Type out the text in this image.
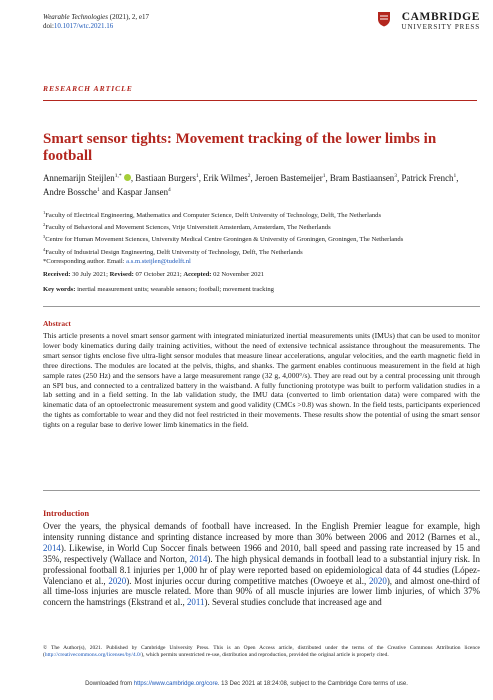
Wearable Technologies (2021), 2, e17
doi:10.1017/wtc.2021.16
CAMBRIDGE
UNIVERSITY PRESS
RESEARCH ARTICLE
Smart sensor tights: Movement tracking of the lower limbs in football
Annemarijn Steijlen$^{1,*}$ , Bastiaan Burgers$^1$, Erik Wilmes$^2$, Jeroen Bastemeijer$^1$, Bram Bastiaansen$^3$, Patrick French$^1$, Andre Bossche$^1$ and Kaspar Jansen$^4$
$^1$Faculty of Electrical Engineering, Mathematics and Computer Science, Delft University of Technology, Delft, The Netherlands
$^2$Faculty of Behavioral and Movement Sciences, Vrije Universiteit Amsterdam, Amsterdam, The Netherlands
$^3$Centre for Human Movement Sciences, University Medical Centre Groningen & University of Groningen, Groningen, The Netherlands
$^4$Faculty of Industrial Design Engineering, Delft University of Technology, Delft, The Netherlands
*Corresponding author. Email: a.s.m.steijlen@tudelft.nl
Received: 30 July 2021; Revised: 07 October 2021; Accepted: 02 November 2021
Key words: inertial measurement units; wearable sensors; football; movement tracking
Abstract
This article presents a novel smart sensor garment with integrated miniaturized inertial measurements units (IMUs) that can be used to monitor lower body kinematics during daily training activities, without the need of extensive technical assistance throughout the measurements. The smart sensor tights enclose five ultra-light sensor modules that measure linear accelerations, angular velocities, and the earth magnetic field in three directions. The modules are located at the pelvis, thighs, and shanks. The garment enables continuous measurement in the field at high sample rates (250 Hz) and the sensors have a large measurement range (32 g, 4,000°/s). They are read out by a central processing unit through an SPI bus, and connected to a centralized battery in the waistband. A fully functioning prototype was built to perform validation studies in a lab setting and in a field setting. In the lab validation study, the IMU data (converted to limb orientation data) were compared with the kinematic data of an optoelectronic measurement system and good validity (CMCs >0.8) was shown. In the field tests, participants experienced the tights as comfortable to wear and they did not feel restricted in their movements. These results show the potential of using the smart sensor tights on a regular base to derive lower limb kinematics in the field.
Introduction
Over the years, the physical demands of football have increased. In the English Premier league for example, high intensity running distance and sprinting distance increased by more than 30% between 2006 and 2012 (Barnes et al., 2014). Likewise, in World Cup Soccer finals between 1966 and 2010, ball speed and passing rate increased by 15 and 35%, respectively (Wallace and Norton, 2014). The high physical demands in football lead to a substantial injury risk. In professional football 8.1 injuries per 1,000 hr of play were reported based on epidemiological data of 44 studies (López-Valenciano et al., 2020). Most injuries occur during competitive matches (Owoeye et al., 2020), and almost one-third of all time-loss injuries are muscle related. More than 90% of all muscle injuries are lower limb injuries, of which 37% concern the hamstrings (Ekstrand et al., 2011). Several studies conclude that increased age and
© The Author(s), 2021. Published by Cambridge University Press. This is an Open Access article, distributed under the terms of the Creative Commons Attribution licence (http://creativecommons.org/licenses/by/4.0/), which permits unrestricted re-use, distribution and reproduction, provided the original article is properly cited.
Downloaded from https://www.cambridge.org/core. 13 Dec 2021 at 18:24:08, subject to the Cambridge Core terms of use.
